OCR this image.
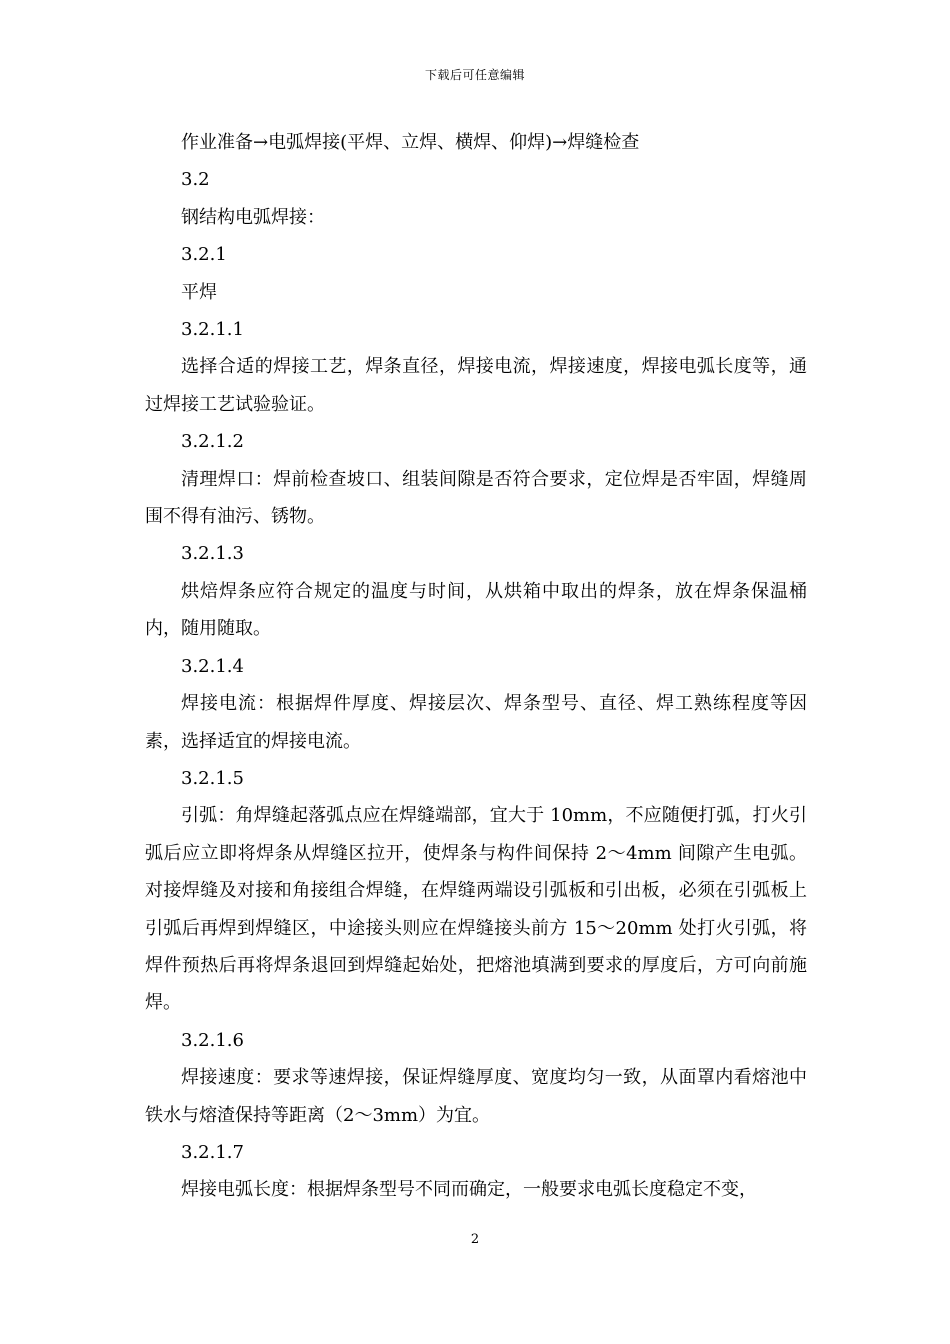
下载后可任意编辑

作业准备→电弧焊接(平焊、立焊、横焊、仰焊)→焊缝检查

3.2

钢结构电弧焊接：

3.2.1

平焊

3.2.1.1

选择合适的焊接工艺，焊条直径，焊接电流，焊接速度，焊接电弧长度等，通过焊接工艺试验验证。

3.2.1.2

清理焊口：焊前检查坡口、组装间隙是否符合要求，定位焊是否牢固，焊缝周围不得有油污、锈物。

3.2.1.3

烘焙焊条应符合规定的温度与时间，从烘箱中取出的焊条，放在焊条保温桶内，随用随取。

3.2.1.4

焊接电流：根据焊件厚度、焊接层次、焊条型号、直径、焊工熟练程度等因素，选择适宜的焊接电流。

3.2.1.5

引弧：角焊缝起落弧点应在焊缝端部，宜大于 10mm，不应随便打弧，打火引弧后应立即将焊条从焊缝区拉开，使焊条与构件间保持 2～4mm 间隙产生电弧。对接焊缝及对接和角接组合焊缝，在焊缝两端设引弧板和引出板，必须在引弧板上引弧后再焊到焊缝区，中途接头则应在焊缝接头前方 15～20mm 处打火引弧，将焊件预热后再将焊条退回到焊缝起始处，把熔池填满到要求的厚度后，方可向前施焊。

3.2.1.6

焊接速度：要求等速焊接，保证焊缝厚度、宽度均匀一致，从面罩内看熔池中铁水与熔渣保持等距离（2～3mm）为宜。

3.2.1.7

焊接电弧长度：根据焊条型号不同而确定，一般要求电弧长度稳定不变，

2
